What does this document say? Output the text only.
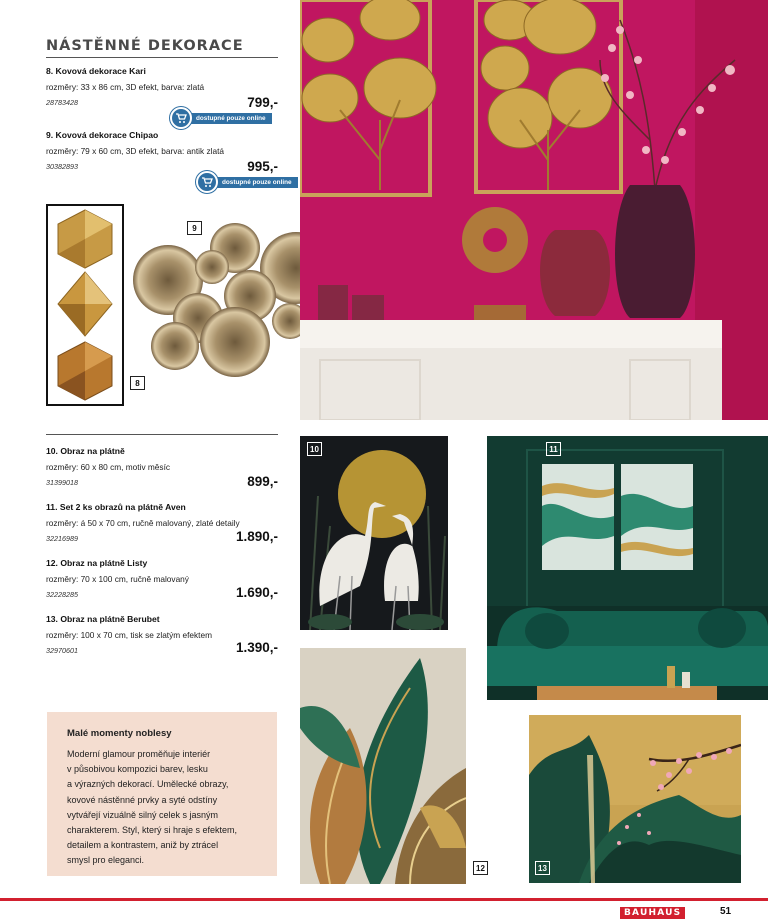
NÁSTĚNNÉ DEKORACE
8. Kovová dekorace Kari
rozměry: 33 x 86 cm, 3D efekt, barva: zlatá
28783428	799,-
dostupné pouze online
9. Kovová dekorace Chipao
rozměry: 79 x 60 cm, 3D efekt, barva: antik zlatá
30382893	995,-
dostupné pouze online
8
9
10. Obraz na plátně
rozměry: 60 x 80 cm, motiv měsíc
31399018	899,-
11. Set 2 ks obrazů na plátně Aven
rozměry: á 50 x 70 cm, ručně malovaný, zlaté detaily
32216989	1.890,-
12. Obraz na plátně Listy
rozměry: 70 x 100 cm, ručně malovaný
32228285	1.690,-
13. Obraz na plátně Berubet
rozměry: 100 x 70 cm, tisk se zlatým efektem
32970601	1.390,-
Malé momenty noblesy
Moderní glamour proměňuje interiér
v působivou kompozici barev, lesku
a výrazných dekorací. Umělecké obrazy,
kovové nástěnné prvky a syté odstíny
vytvářejí vizuálně silný celek s jasným
charakterem. Styl, který si hraje s efektem,
detailem a kontrastem, aniž by ztrácel
smysl pro eleganci.
10	11
12	13
BAUHAUS	51
